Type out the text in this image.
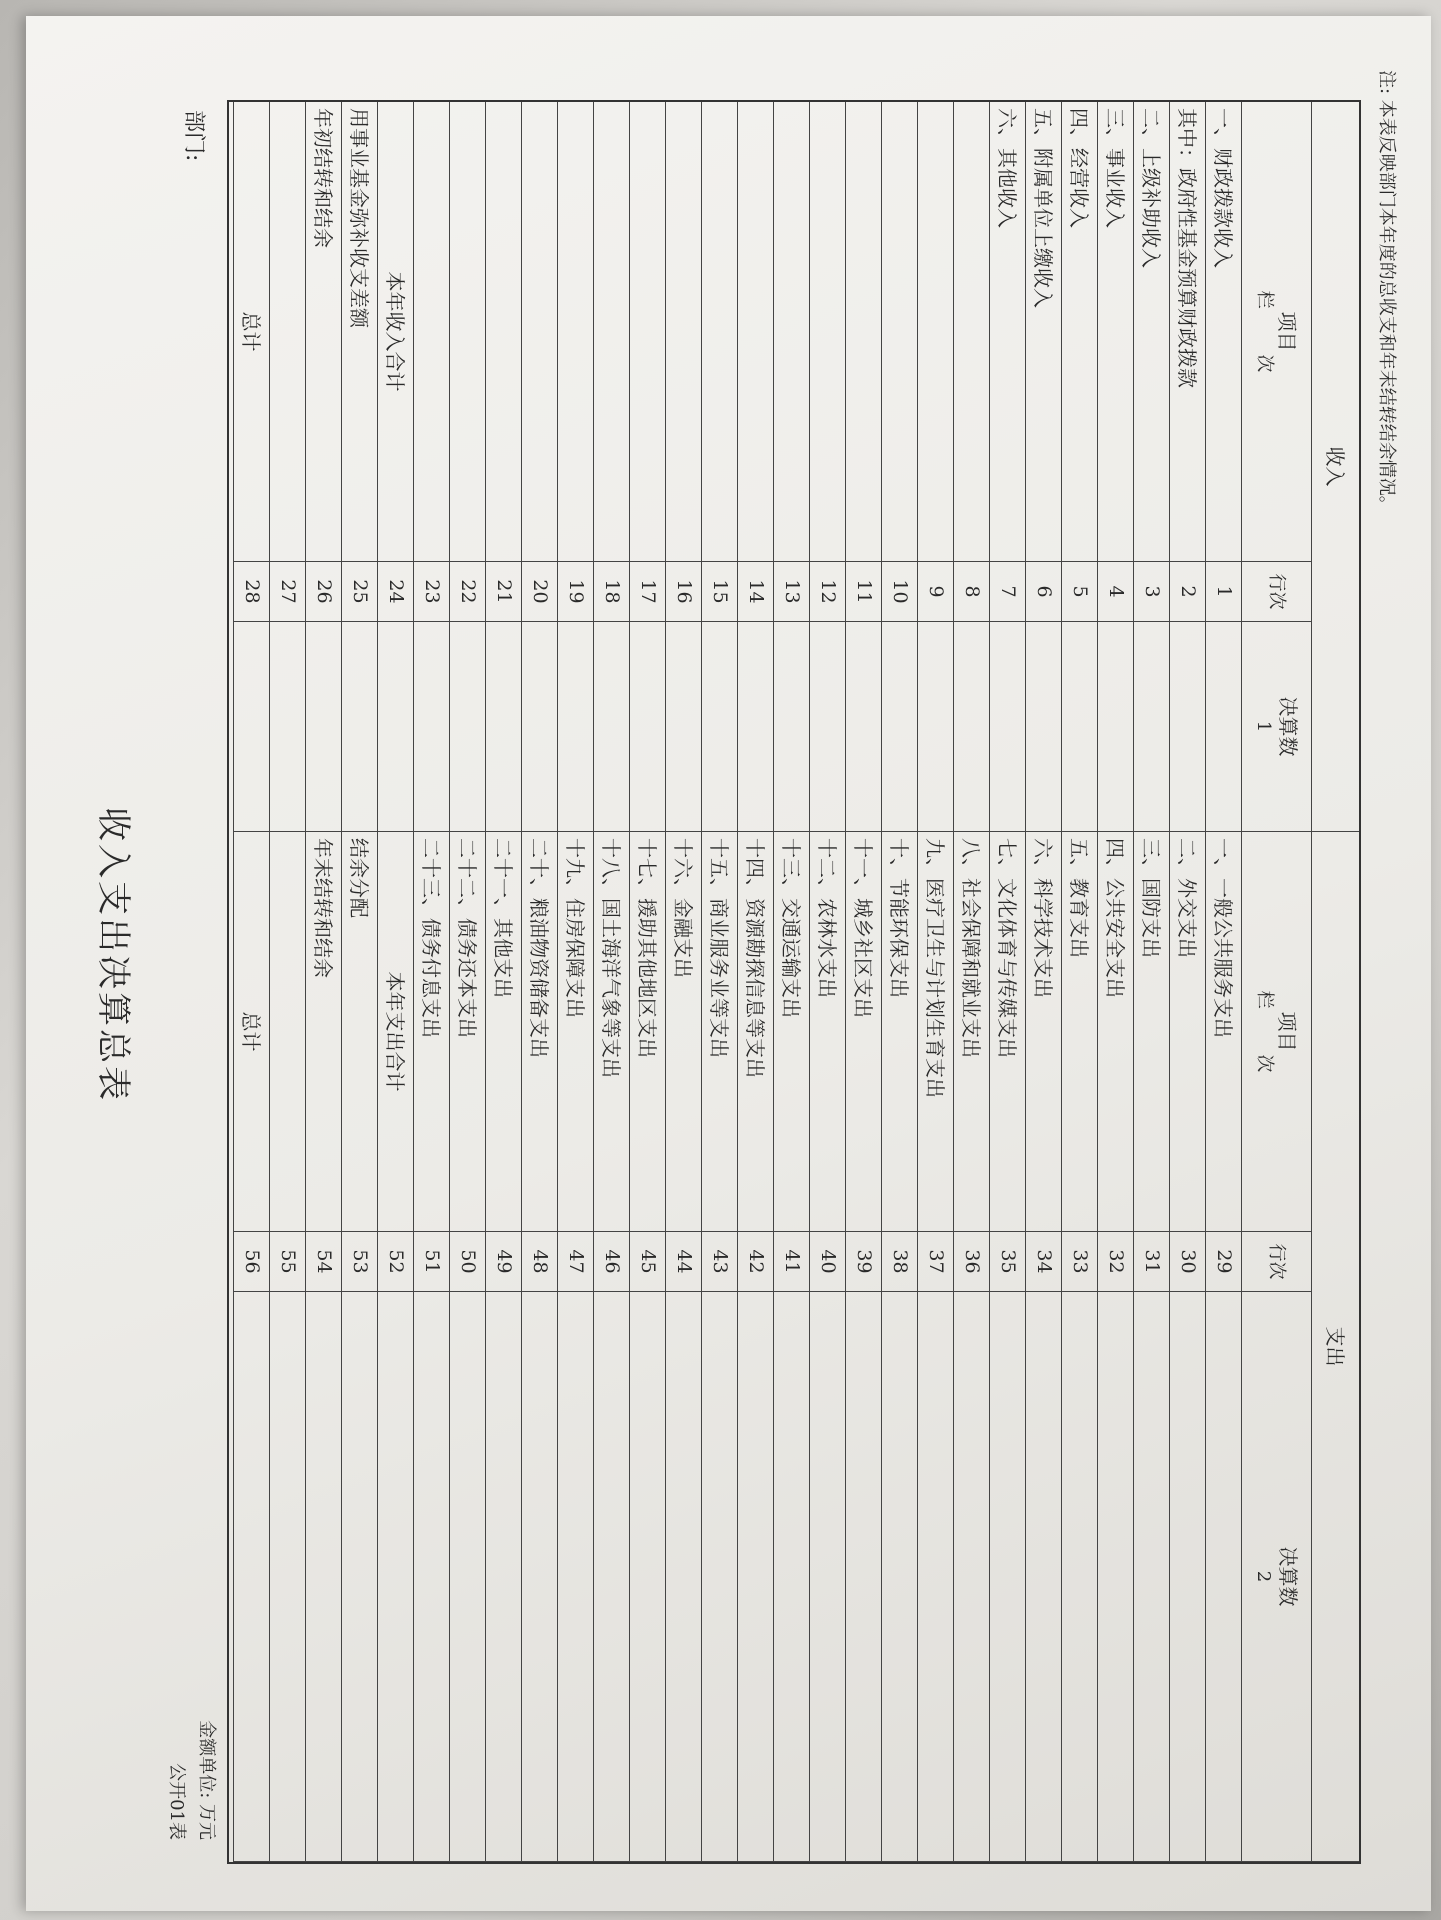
收入支出决算总表
部门:
公开01表 金额单位: 万元
注: 本表反映部门本年度的总收支和年末结转结余情况。
收入
支出
项目
栏        次
行次
决算数
1
项目
栏        次
行次
决算数
2
一、财政拨款收入
1
一、一般公共服务支出
29
其中：政府性基金预算财政拨款
2
二、外交支出
30
二、上级补助收入
3
三、国防支出
31
三、事业收入
4
四、公共安全支出
32
四、经营收入
5
五、教育支出
33
五、附属单位上缴收入
6
六、科学技术支出
34
六、其他收入
7
七、文化体育与传媒支出
35
8
八、社会保障和就业支出
36
9
九、医疗卫生与计划生育支出
37
10
十、节能环保支出
38
11
十一、城乡社区支出
39
12
十二、农林水支出
40
13
十三、交通运输支出
41
14
十四、资源勘探信息等支出
42
15
十五、商业服务业等支出
43
16
十六、金融支出
44
17
十七、援助其他地区支出
45
18
十八、国土海洋气象等支出
46
19
十九、住房保障支出
47
20
二十、粮油物资储备支出
48
21
二十一、其他支出
49
22
二十二、债务还本支出
50
23
二十三、债务付息支出
51
本年收入合计
24
本年支出合计
52
用事业基金弥补收支差额
25
结余分配
53
年初结转和结余
26
年末结转和结余
54
27
55
总计
28
总计
56
